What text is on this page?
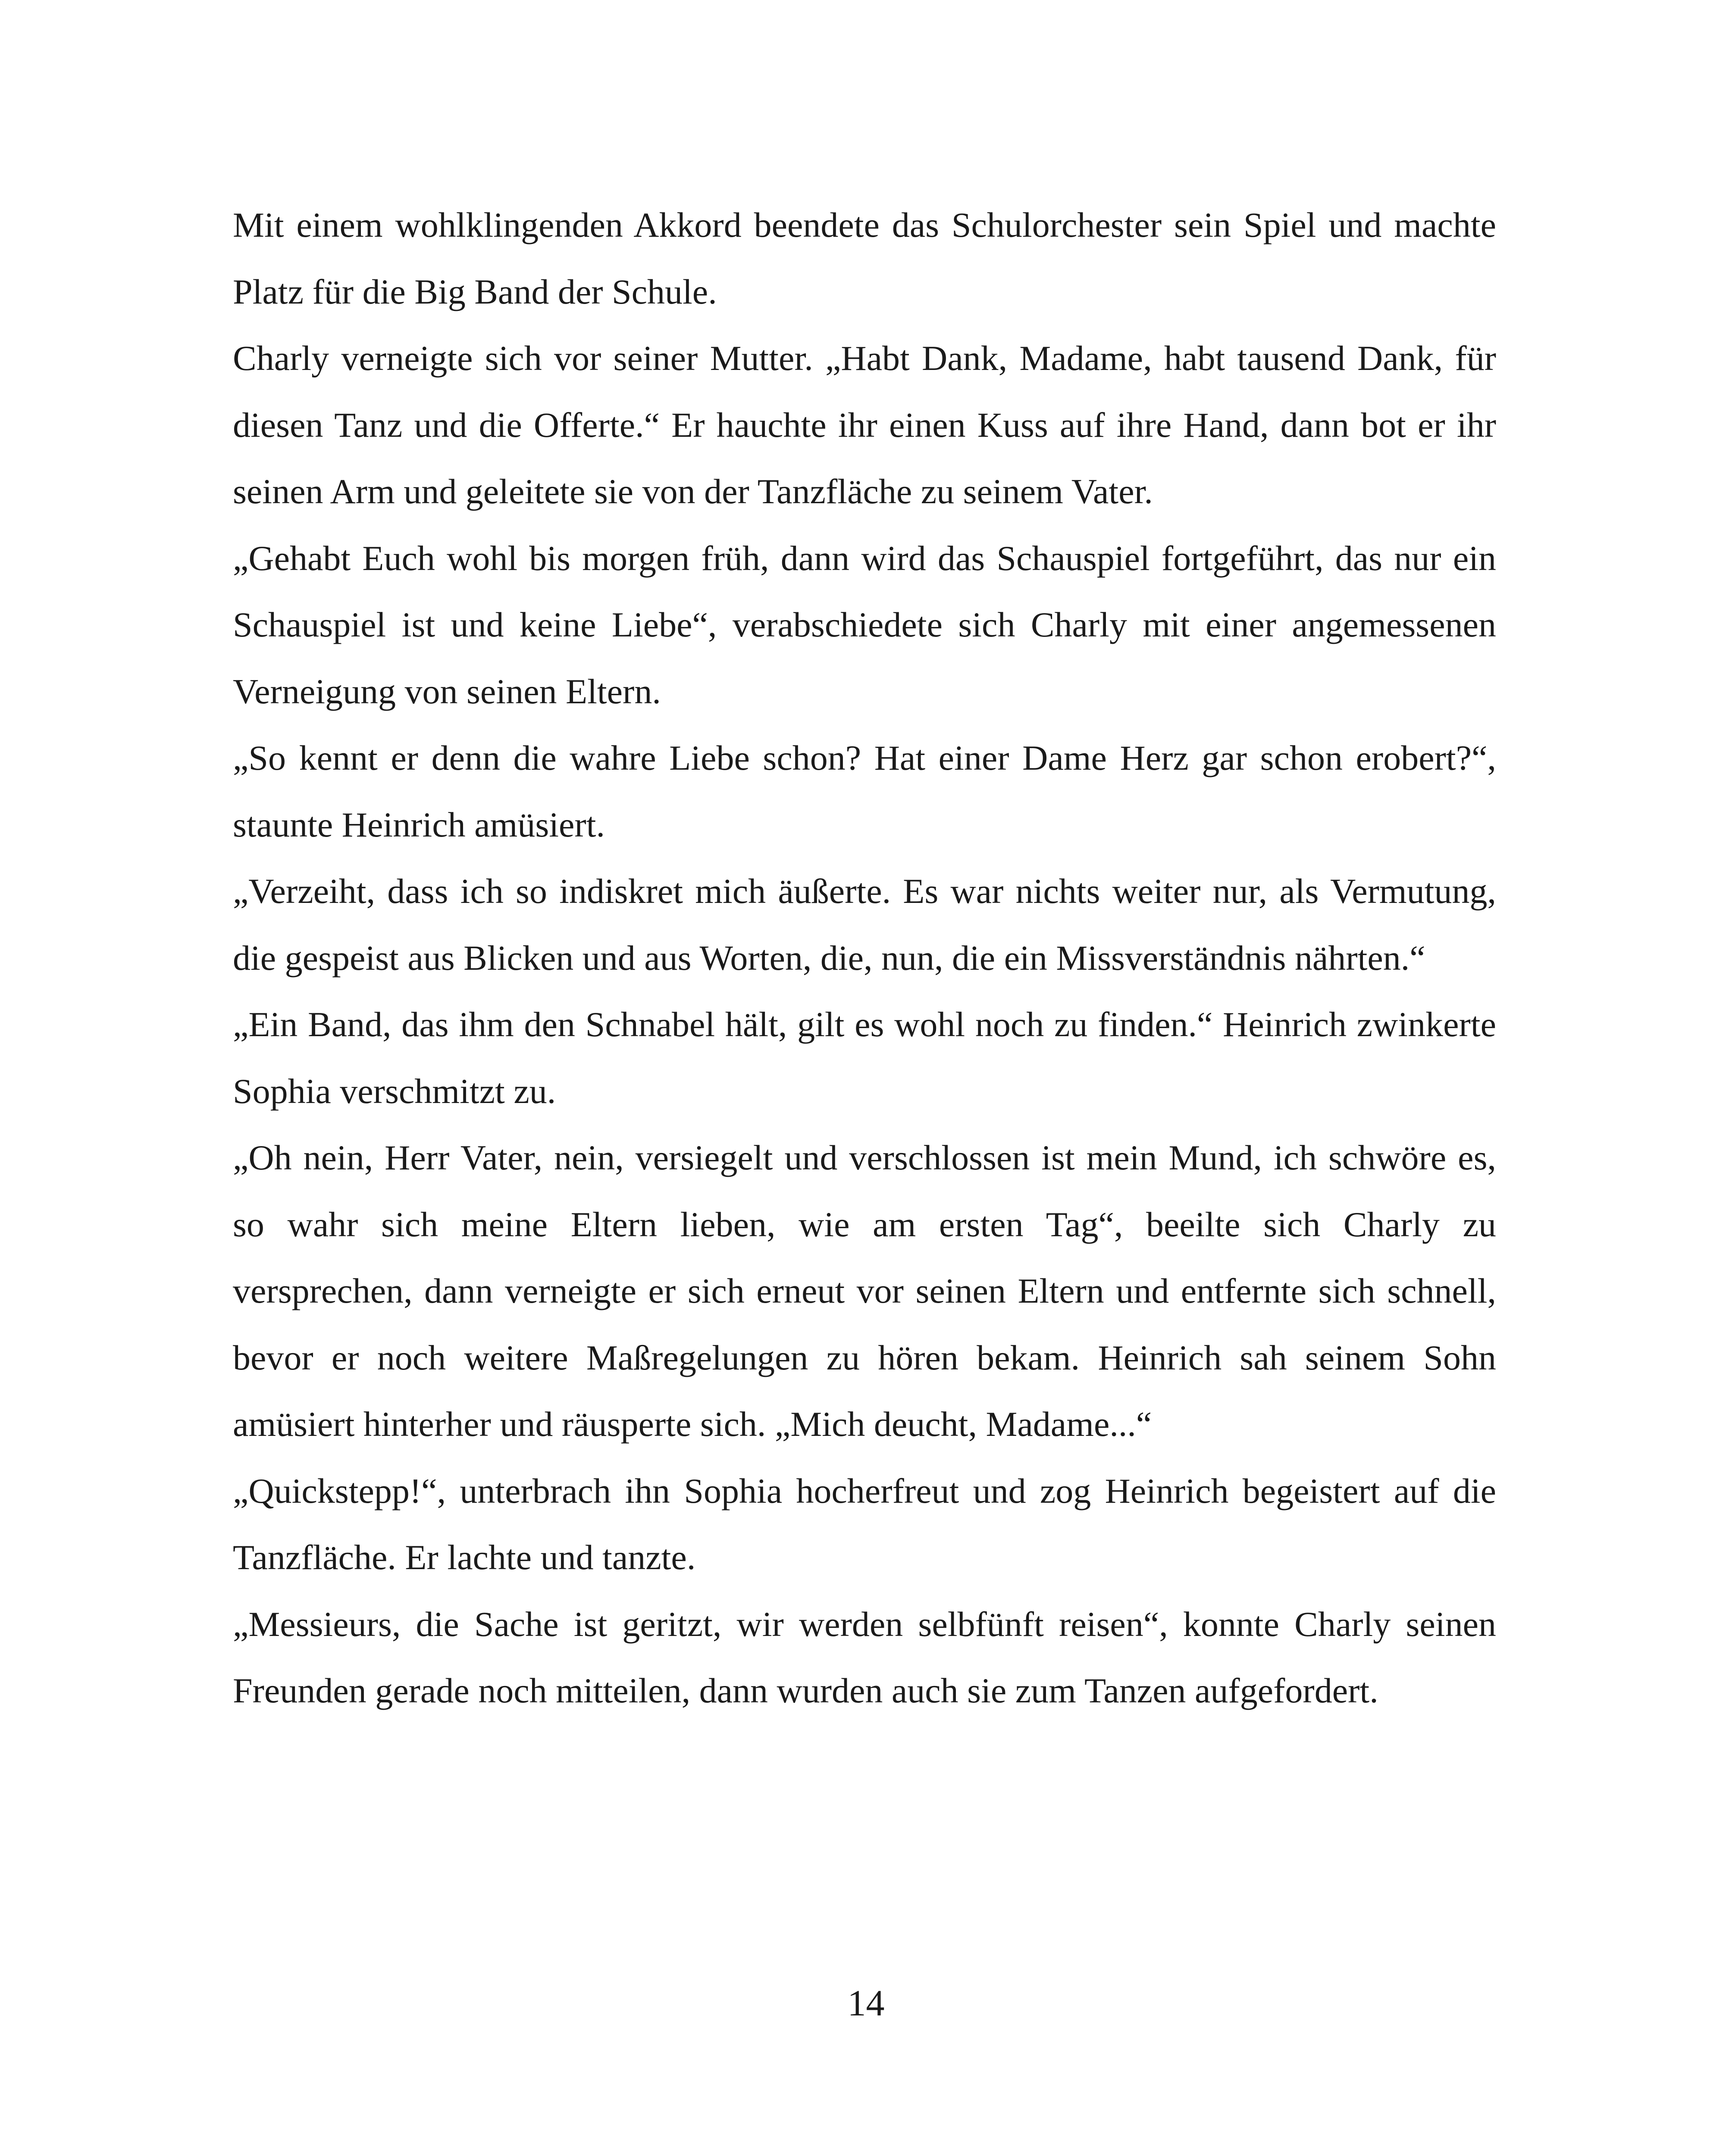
Mit einem wohlklingenden Akkord beendete das Schulorchester sein Spiel und machte Platz für die Big Band der Schule.

Charly verneigte sich vor seiner Mutter. „Habt Dank, Madame, habt tausend Dank, für diesen Tanz und die Offerte.“ Er hauchte ihr einen Kuss auf ihre Hand, dann bot er ihr seinen Arm und geleitete sie von der Tanzfläche zu seinem Vater.

„Gehabt Euch wohl bis morgen früh, dann wird das Schauspiel fortgeführt, das nur ein Schauspiel ist und keine Liebe“, verabschiedete sich Charly mit einer angemessenen Verneigung von seinen Eltern.

„So kennt er denn die wahre Liebe schon? Hat einer Dame Herz gar schon erobert?“, staunte Heinrich amüsiert.

„Verzeiht, dass ich so indiskret mich äußerte. Es war nichts weiter nur, als Vermutung, die gespeist aus Blicken und aus Worten, die, nun, die ein Missverständnis nährten.“

„Ein Band, das ihm den Schnabel hält, gilt es wohl noch zu finden.“ Heinrich zwinkerte Sophia verschmitzt zu.

„Oh nein, Herr Vater, nein, versiegelt und verschlossen ist mein Mund, ich schwöre es, so wahr sich meine Eltern lieben, wie am ersten Tag“, beeilte sich Charly zu versprechen, dann verneigte er sich erneut vor seinen Eltern und entfernte sich schnell, bevor er noch weitere Maßregelungen zu hören bekam. Heinrich sah seinem Sohn amüsiert hinterher und räusperte sich. „Mich deucht, Madame...“

„Quickstepp!“, unterbrach ihn Sophia hocherfreut und zog Heinrich begeistert auf die Tanzfläche. Er lachte und tanzte.

„Messieurs, die Sache ist geritzt, wir werden selbfünft reisen“, konnte Charly seinen Freunden gerade noch mitteilen, dann wurden auch sie zum Tanzen aufgefordert.

14
